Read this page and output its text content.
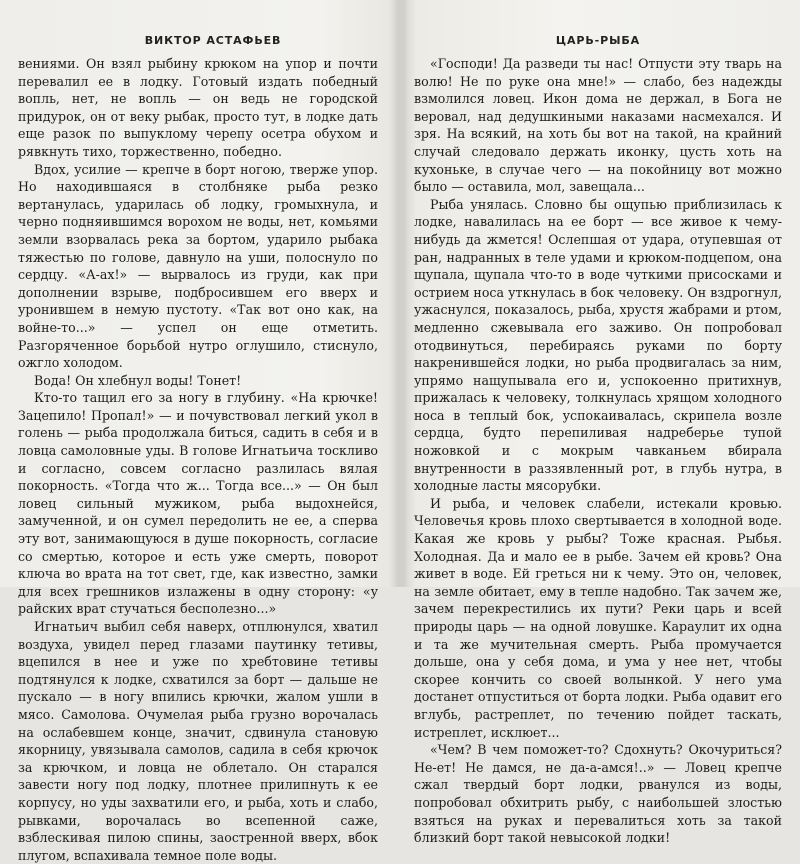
ВИКТОР АСТАФЬЕВ

вениями. Он взял рыбину крюком на упор и почти перевалил ее в лодку. Готовый издать победный вопль, нет, не вопль — он ведь не городской придурок, он от веку рыбак, просто тут, в лодке дать еще разок по выпуклому черепу осетра обухом и рявкнуть тихо, торжественно, победно.

Вдох, усилие — крепче в борт ногою, тверже упор. Но находившаяся в столбняке рыба резко вертанулась, ударилась об лодку, громыхнула, и черно подняившимся ворохом не воды, нет, комьями земли взорвалась река за бортом, ударило рыбака тяжестью по голове, давнуло на уши, полоснуло по сердцу. «А-ах!» — вырвалось из груди, как при дополнении взрыве, подбросившем его вверх и уронившем в немую пустоту. «Так вот оно как, на войне-то...» — успел он еще отметить. Разгоряченное борьбой нутро оглушило, стиснуло, ожгло холодом.

Вода! Он хлебнул воды! Тонет!

Кто-то тащил его за ногу в глубину. «На крючке! Зацепило! Пропал!» — и почувствовал легкий укол в голень — рыба продолжала биться, садить в себя и в ловца самоловные уды. В голове Игнатьича тоскливо и согласно, совсем согласно разлилась вялая покорность. «Тогда что ж... Тогда все...» — Он был ловец сильный мужиком, рыба выдохнейся, замученной, и он сумел передолить не ее, а сперва эту вот, занимающуюся в душе покорность, согласие со смертью, которое и есть уже смерть, поворот ключа во врата на тот свет, где, как известно, замки для всех грешников излажены в одну сторону: «у райских врат стучаться бесполезно...»

Игнатьич выбил себя наверх, отплюнулся, хватил воздуха, увидел перед глазами паутинку тетивы, вцепился в нее и уже по хребтовине тетивы подтянулся к лодке, схватился за борт — дальше не пускало — в ногу впились крючки, жалом ушли в мясо. Самолова. Очумелая рыба грузно ворочалась на ослабевшем конце, значит, сдвинула становую якорницу, увязывала самолов, садила в себя крючок за крючком, и ловца не облетало. Он старался завести ногу под лодку, плотнее прилипнуть к ее корпусу, но уды захватили его, и рыба, хоть и слабо, рывками, ворочалась во всепенной саже, взблескивая пилою спины, заостренной вверх, вбок плугом, вспахивала темное поле воды.

ЦАРЬ-РЫБА

«Господи! Да разведи ты нас! Отпусти эту тварь на волю! Не по руке она мне!» — слабо, без надежды взмолился ловец. Икон дома не держал, в Бога не веровал, над дедушкиными наказами насмехался. И зря. На всякий, на хоть бы вот на такой, на крайний случай следовало держать иконку, цусть хоть на кухоньке, в случае чего — на покойницу вот можно было — оставила, мол, завещала...

Рыба унялась. Словно бы ощупью приблизилась к лодке, навалилась на ее борт — все живое к чему-нибудь да жмется! Ослепшая от удара, отупевшая от ран, надранных в теле удами и крюком-подцепом, она щупала, щупала что-то в воде чуткими присосками и острием носа уткнулась в бок человеку. Он вздрогнул, ужаснулся, показалось, рыба, хрустя жабрами и ртом, медленно сжевывала его заживо. Он попробовал отодвинуться, перебираясь руками по борту накренившейся лодки, но рыба продвигалась за ним, упрямо нащупывала его и, успокоенно притихнув, прижалась к человеку, толкнулась хрящом холодного носа в теплый бок, успокаивалась, скрипела возле сердца, будто перепиливая надреберье тупой ножовкой и с мокрым чавканьем вбирала внутренности в раззявленный рот, в глубь нутра, в холодные ласты мясорубки.

И рыба, и человек слабели, истекали кровью. Человечья кровь плохо свертывается в холодной воде. Какая же кровь у рыбы? Тоже красная. Рыбья. Холодная. Да и мало ее в рыбе. Зачем ей кровь? Она живет в воде. Ей греться ни к чему. Это он, человек, на земле обитает, ему в тепле надобно. Так зачем же, зачем перекрестились их пути? Реки царь и всей природы царь — на одной ловушке. Караулит их одна и та же мучительная смерть. Рыба промучается дольше, она у себя дома, и ума у нее нет, чтобы скорее кончить со своей волынкой. У него ума достанет отпуститься от борта лодки. Рыба одавит его вглубь, растреплет, по течению пойдет таскать, истреплет, исклюет...

«Чем? В чем поможет-то? Сдохнуть? Окочуриться? Не-ет! Не дамся, не да-а-амся!..» — Ловец крепче сжал твердый борт лодки, рванулся из воды, попробовал обхитрить рыбу, с наибольшей злостью взяться на руках и перевалиться хоть за такой близкий борт такой невысокой лодки!
